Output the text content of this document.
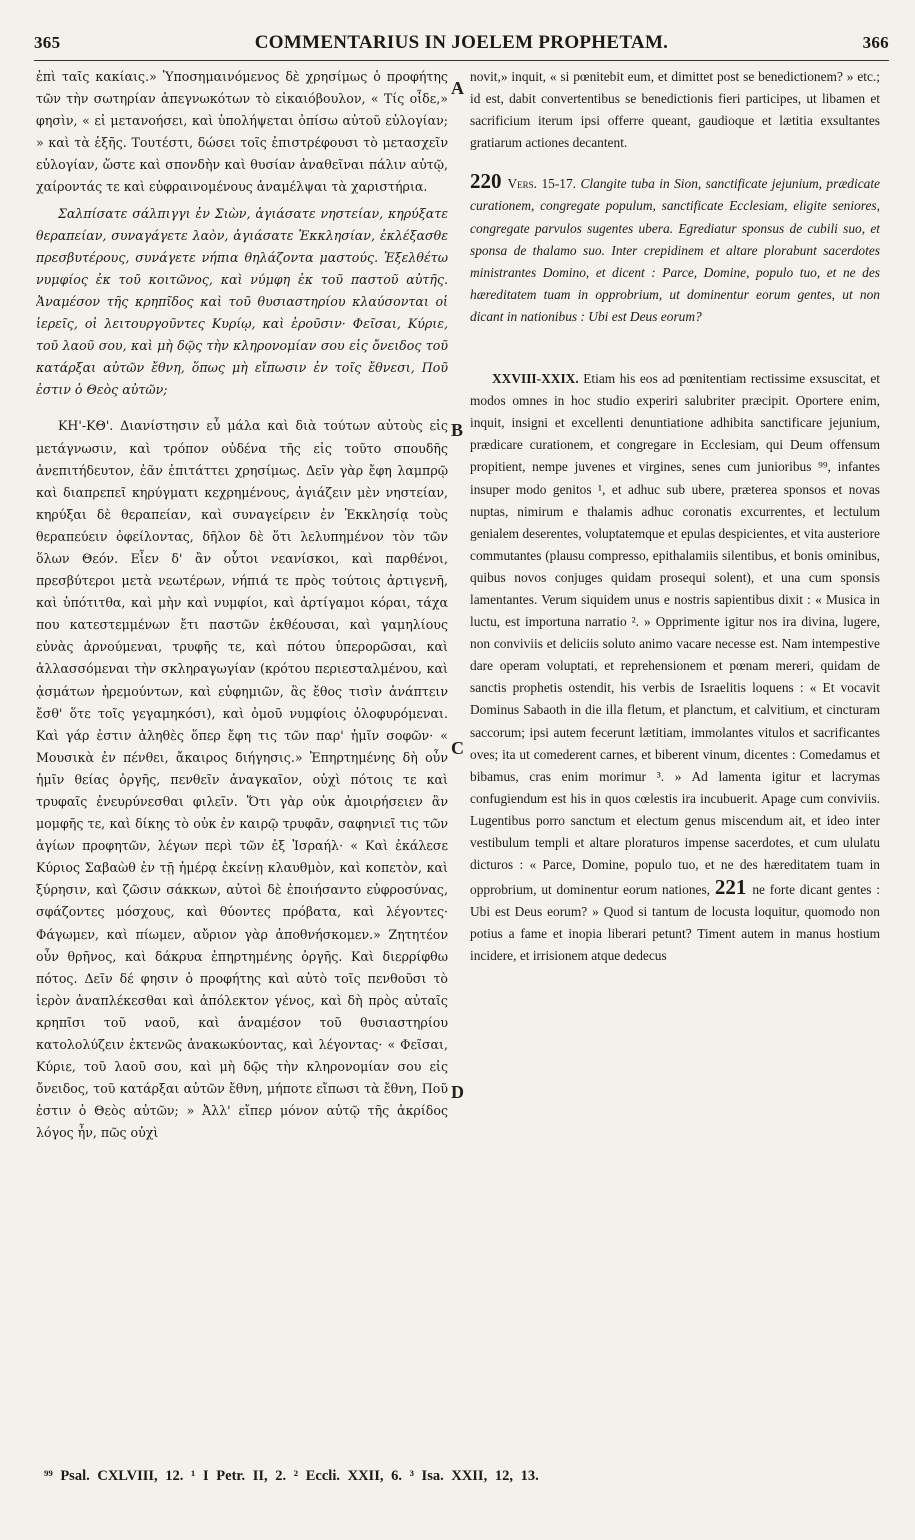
365	COMMENTARIUS IN JOELEM PROPHETAM.	366
A
B
C
D

ἐπὶ ταῖς κακίαις.» Ὑποσημαινόμενος δὲ χρησίμως ὁ προφήτης τῶν τὴν σωτηρίαν ἀπεγνωκότων τὸ εἰκαιόβουλον, « Τίς οἶδε,» φησὶν, « εἰ μετανοήσει, καὶ ὑπολήψεται ὀπίσω αὐτοῦ εὐλογίαν; » καὶ τὰ ἑξῆς. Τουτέστι, δώσει τοῖς ἐπιστρέφουσι τὸ μετασχεῖν εὐλογίαν, ὥστε καὶ σπονδὴν καὶ θυσίαν ἀναθεῖναι πάλιν αὐτῷ, χαίροντάς τε καὶ εὐφραινομένους ἀναμέλψαι τὰ χαριστήρια.

Σαλπίσατε σάλπιγγι ἐν Σιὼν, ἁγιάσατε νηστείαν, κηρύξατε θεραπείαν, συναγάγετε λαὸν, ἁγιάσατε Ἐκκλησίαν, ἐκλέξασθε πρεσβυτέρους, συνάγετε νήπια θηλάζοντα μαστούς. Ἐξελθέτω νυμφίος ἐκ τοῦ κοιτῶνος, καὶ νύμφη ἐκ τοῦ παστοῦ αὐτῆς. Ἀναμέσον τῆς κρηπῖδος καὶ τοῦ θυσιαστηρίου κλαύσονται οἱ ἱερεῖς, οἱ λειτουργοῦντες Κυρίῳ, καὶ ἐροῦσιν· Φεῖσαι, Κύριε, τοῦ λαοῦ σου, καὶ μὴ δῷς τὴν κληρονομίαν σου εἰς ὄνειδος τοῦ κατάρξαι αὐτῶν ἔθνη, ὅπως μὴ εἴπωσιν ἐν τοῖς ἔθνεσι, Ποῦ ἐστιν ὁ Θεὸς αὐτῶν;

ΚΗ'-ΚΘ'. Διανίστησιν εὖ μάλα καὶ διὰ τούτων αὐτοὺς εἰς μετάγνωσιν, καὶ τρόπον οὐδένα τῆς εἰς τοῦτο σπουδῆς ἀνεπιτήδευτον, ἐᾶν ἐπιτάττει χρησίμως. Δεῖν γὰρ ἔφη λαμπρῷ καὶ διαπρεπεῖ κηρύγματι κεχρημένους, ἁγιάζειν μὲν νηστείαν, κηρύξαι δὲ θεραπείαν, καὶ συναγείρειν ἐν Ἐκκλησίᾳ τοὺς θεραπεύειν ὀφείλοντας, δῆλον δὲ ὅτι λελυπημένον τὸν τῶν ὅλων Θεόν. Εἶεν δ' ἂν οὗτοι νεανίσκοι, καὶ παρθένοι, πρεσβύτεροι μετὰ νεωτέρων, νήπιά τε πρὸς τούτοις ἀρτιγενῆ, καὶ ὑπότιτθα, καὶ μὴν καὶ νυμφίοι, καὶ ἀρτίγαμοι κόραι, τάχα που κατεστεμμένων ἔτι παστῶν ἐκθέουσαι, καὶ γαμηλίους εὐνὰς ἀρνούμεναι, τρυφῆς τε, καὶ πότου ὑπερορῶσαι, καὶ ἀλλασσόμεναι τὴν σκληραγωγίαν (κρότου περιεσταλμένου, καὶ ᾀσμάτων ἠρεμούντων, καὶ εὐφημιῶν, ἃς ἔθος τισὶν ἀνάπτειν ἔσθ' ὅτε τοῖς γεγαμηκόσι), καὶ ὁμοῦ νυμφίοις ὀλοφυρόμεναι. Καὶ γάρ ἐστιν ἀληθὲς ὅπερ ἔφη τις τῶν παρ' ἡμῖν σοφῶν· « Μουσικὰ ἐν πένθει, ἄκαιρος διήγησις.» Ἐπηρτημένης δὴ οὖν ἡμῖν θείας ὀργῆς, πενθεῖν ἀναγκαῖον, οὐχὶ πότοις τε καὶ τρυφαῖς ἐνευρύνεσθαι φιλεῖν. Ὅτι γὰρ οὐκ ἀμοιρήσειεν ἂν μομφῆς τε, καὶ δίκης τὸ οὐκ ἐν καιρῷ τρυφᾶν, σαφηνιεῖ τις τῶν ἁγίων προφητῶν, λέγων περὶ τῶν ἐξ Ἰσραήλ· « Καὶ ἐκάλεσε Κύριος Σαβαὼθ ἐν τῇ ἡμέρᾳ ἐκείνῃ κλαυθμὸν, καὶ κοπετὸν, καὶ ξύρησιν, καὶ ζῶσιν σάκκων, αὐτοὶ δὲ ἐποιήσαντο εὐφροσύνας, σφάζοντες μόσχους, καὶ θύοντες πρόβατα, καὶ λέγοντες· Φάγωμεν, καὶ πίωμεν, αὔριον γὰρ ἀποθνήσκομεν.» Ζητητέον οὖν θρῆνος, καὶ δάκρυα ἐπηρτημένης ὀργῆς. Καὶ διερρίφθω πότος. Δεῖν δέ φησιν ὁ προφήτης καὶ αὐτὸ τοῖς πενθοῦσι τὸ ἱερὸν ἀναπλέκεσθαι καὶ ἀπόλεκτον γένος, καὶ δὴ πρὸς αὐταῖς κρηπῖσι τοῦ ναοῦ, καὶ ἀναμέσον τοῦ θυσιαστηρίου κατολολύζειν ἐκτενῶς ἀνακωκύοντας, καὶ λέγοντας· « Φεῖσαι, Κύριε, τοῦ λαοῦ σου, καὶ μὴ δῷς τὴν κληρονομίαν σου εἰς ὄνειδος, τοῦ κατάρξαι αὐτῶν ἔθνη, μήποτε εἴπωσι τὰ ἔθνη, Ποῦ ἐστιν ὁ Θεὸς αὐτῶν; » Ἀλλ' εἴπερ μόνον αὐτῷ τῆς ἀκρίδος λόγος ἦν, πῶς οὐχὶ

novit,» inquit, « si pœnitebit eum, et dimittet post se benedictionem? » etc.; id est, dabit convertentibus se benedictionis fieri participes, ut libamen et sacrificium iterum ipsi offerre queant, gaudioque et lætitia exsultantes gratiarum actiones decantent.

220 Vers. 15-17. Clangite tuba in Sion, sanctificate jejunium, prædicate curationem, congregate populum, sanctificate Ecclesiam, eligite seniores, congregate parvulos sugentes ubera. Egrediatur sponsus de cubili suo, et sponsa de thalamo suo. Inter crepidinem et altare plorabunt sacerdotes ministrantes Domino, et dicent : Parce, Domine, populo tuo, et ne des hæreditatem tuam in opprobrium, ut dominentur eorum gentes, ut non dicant in nationibus : Ubi est Deus eorum?

XXVIII-XXIX. Etiam his eos ad pœnitentiam rectissime exsuscitat, et modos omnes in hoc studio experiri salubriter præcipit. Oportere enim, inquit, insigni et excellenti denuntiatione adhibita sanctificare jejunium, prædicare curationem, et congregare in Ecclesiam, qui Deum offensum propitient, nempe juvenes et virgines, senes cum junioribus ⁹⁹, infantes insuper modo genitos ¹, et adhuc sub ubere, præterea sponsos et novas nuptas, nimirum e thalamis adhuc coronatis excurrentes, et lectulum genialem deserentes, voluptatemque et epulas despicientes, et vita austeriore commutantes (plausu compresso, epithalamiis silentibus, et bonis ominibus, quibus novos conjuges quidam prosequi solent), et una cum sponsis lamentantes. Verum siquidem unus e nostris sapientibus dixit : « Musica in luctu, est importuna narratio ². » Opprimente igitur nos ira divina, lugere, non conviviis et deliciis soluto animo vacare necesse est. Nam intempestive dare operam voluptati, et reprehensionem et pœnam mereri, quidam de sanctis prophetis ostendit, his verbis de Israelitis loquens : « Et vocavit Dominus Sabaoth in die illa fletum, et planctum, et calvitium, et cincturam saccorum; ipsi autem fecerunt lætitiam, immolantes vitulos et sacrificantes oves; ita ut comederent carnes, et biberent vinum, dicentes : Comedamus et bibamus, cras enim morimur ³. » Ad lamenta igitur et lacrymas confugiendum est his in quos cœlestis ira incubuerit. Apage cum conviviis. Lugentibus porro sanctum et electum genus miscendum ait, et ideo inter vestibulum templi et altare ploraturos impense sacerdotes, et cum ululatu dicturos : « Parce, Domine, populo tuo, et ne des hæreditatem tuam in opprobrium, ut dominentur eorum nationes, 221 ne forte dicant gentes : Ubi est Deus eorum? » Quod si tantum de locusta loquitur, quomodo non potius a fame et inopia liberari petunt? Timent autem in manus hostium incidere, et irrisionem atque dedecus

⁹⁹ Psal. CXLVIII, 12. ¹ I Petr. II, 2. ² Eccli. XXII, 6. ³ Isa. XXII, 12, 13.
